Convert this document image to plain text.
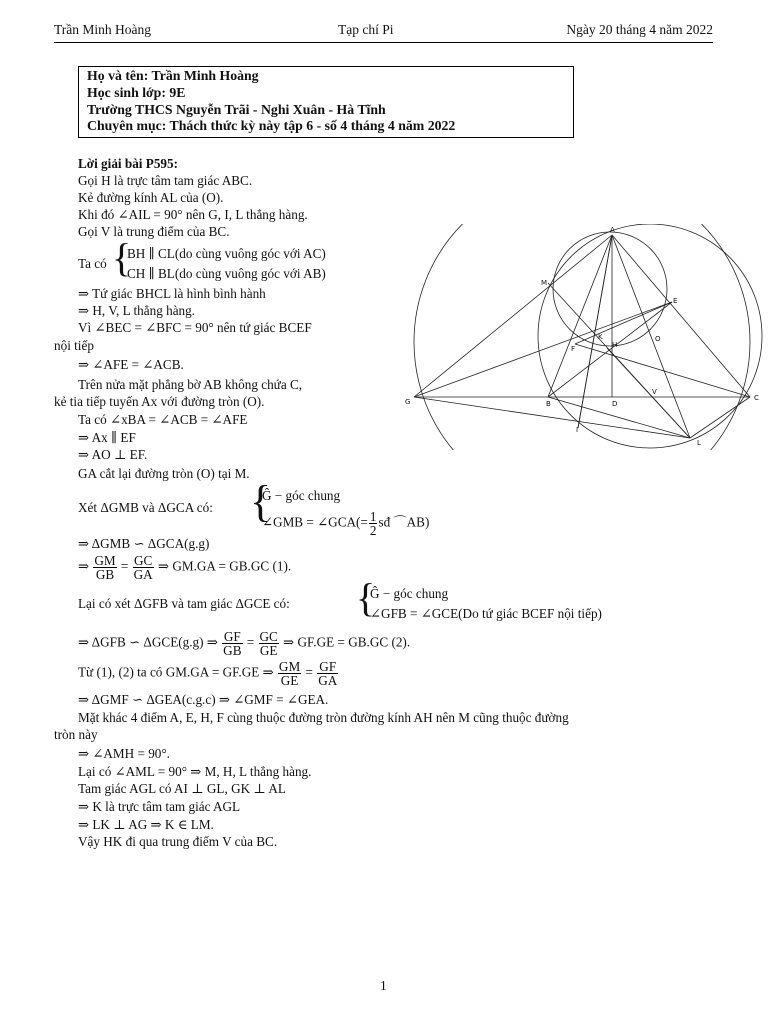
Trần Minh Hoàng	Tạp chí Pi	Ngày 20 tháng 4 năm 2022
Họ và tên: Trần Minh Hoàng
Học sinh lớp: 9E
Trường THCS Nguyễn Trãi - Nghi Xuân - Hà Tĩnh
Chuyên mục: Thách thức kỳ này tập 6 - số 4 tháng 4 năm 2022
Lời giải bài P595:
Gọi H là trực tâm tam giác ABC.
Kẻ đường kính AL của (O).
Khi đó ∠AIL = 90° nên G, I, L thẳng hàng.
Gọi V là trung điểm của BC.
Ta có {
BH ∥ CL(do cùng vuông góc với AC)
CH ∥ BL(do cùng vuông góc với AB)
⇒ Tứ giác BHCL là hình bình hành
⇒ H, V, L thẳng hàng.
Vì ∠BEC = ∠BFC = 90° nên tứ giác BCEF
nội tiếp
⇒ ∠AFE = ∠ACB.
Trên nửa mặt phẳng bờ AB không chứa C,
kẻ tia tiếp tuyến Ax với đường tròn (O).
Ta có ∠xBA = ∠ACB = ∠AFE
⇒ Ax ∥ EF
⇒ AO ⊥ EF.
GA cắt lại đường tròn (O) tại M.
Xét ΔGMB và ΔGCA có: {
Ĝ − góc chung
∠GMB = ∠GCA(= $\frac{1}{2}$ sđ ⌒AB)
⇒ ΔGMB ∽ ΔGCA(g.g)
⇒ $\frac{GM}{GB} = \frac{GC}{GA}$ ⇒ GM.GA = GB.GC (1).
Lại có xét ΔGFB và tam giác ΔGCE có: {
Ĝ − góc chung
∠GFB = ∠GCE(Do tứ giác BCEF nội tiếp)
⇒ ΔGFB ∽ ΔGCE(g.g) ⇒ $\frac{GF}{GB} = \frac{GC}{GE}$ ⇒ GF.GE = GB.GC (2).
Từ (1), (2) ta có GM.GA = GF.GE ⇒ $\frac{GM}{GE} = \frac{GF}{GA}$
⇒ ΔGMF ∽ ΔGEA(c.g.c) ⇒ ∠GMF = ∠GEA.
Mặt khác 4 điểm A, E, H, F cùng thuộc đường tròn đường kính AH nên M cũng thuộc đường
tròn này
⇒ ∠AMH = 90°.
Lại có ∠AML = 90° ⇒ M, H, L thẳng hàng.
Tam giác AGL có AI ⊥ GL, GK ⊥ AL
⇒ K là trực tâm tam giác AGL
⇒ LK ⊥ AG ⇒ K ∈ LM.
Vậy HK đi qua trung điểm V của BC.
A
M
E
F
K
H
O
G	B	D
V
C
I
L
1
